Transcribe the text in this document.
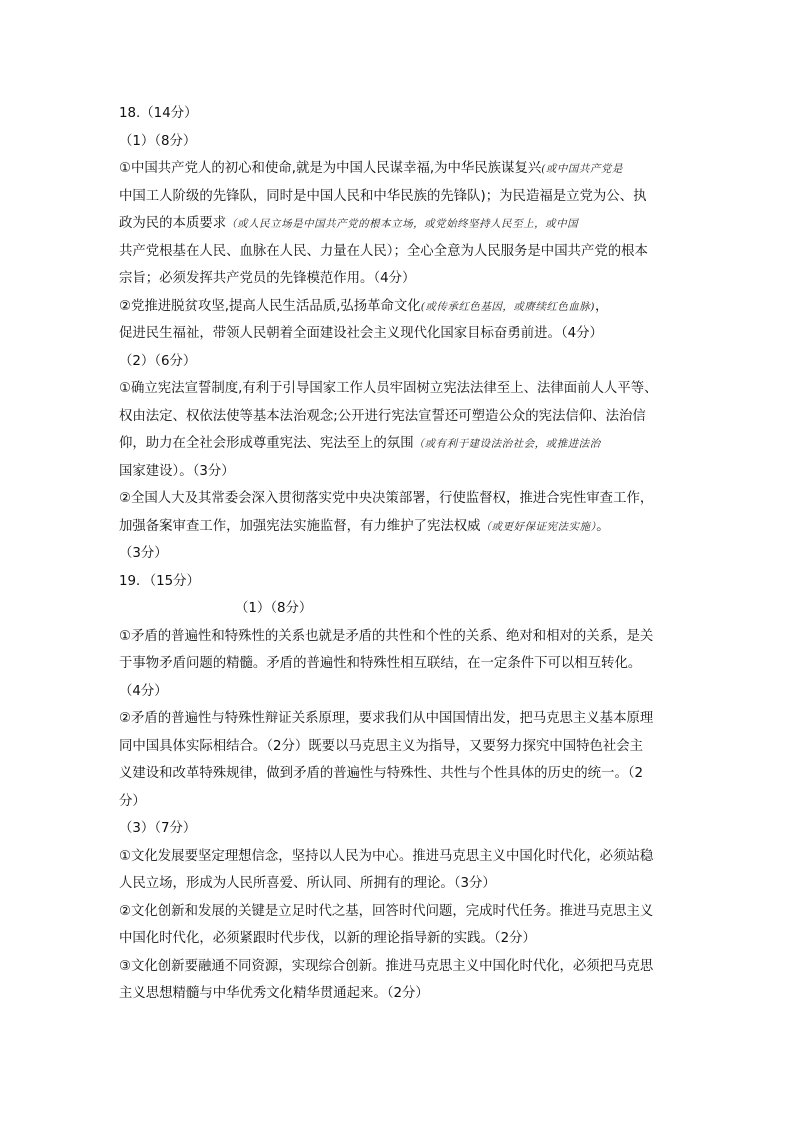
18.（14分）
（1）（8分）
①中国共产党人的初心和使命,就是为中国人民谋幸福,为中华民族谋复兴(或中国共产党是
中国工人阶级的先锋队，同时是中国人民和中华民族的先锋队)；为民造福是立党为公、执
政为民的本质要求（或人民立场是中国共产党的根本立场，或党始终坚持人民至上，或中国
共产党根基在人民、血脉在人民、力量在人民）；全心全意为人民服务是中国共产党的根本
宗旨；必须发挥共产党员的先锋模范作用。（4分）
②党推进脱贫攻坚,提高人民生活品质,弘扬革命文化(或传承红色基因，或赓续红色血脉)，
促进民生福祉，带领人民朝着全面建设社会主义现代化国家目标奋勇前进。（4分）
（2）（6分）
①确立宪法宣誓制度,有利于引导国家工作人员牢固树立宪法法律至上、法律面前人人平等、
权由法定、权依法使等基本法治观念;公开进行宪法宣誓还可塑造公众的宪法信仰、法治信
仰，助力在全社会形成尊重宪法、宪法至上的氛围（或有利于建设法治社会，或推进法治
国家建设）。（3分）
②全国人大及其常委会深入贯彻落实党中央决策部署，行使监督权，推进合宪性审查工作，
加强备案审查工作，加强宪法实施监督，有力维护了宪法权威（或更好保证宪法实施）。
（3分）
19．（15分）
（1）（8分）
①矛盾的普遍性和特殊性的关系也就是矛盾的共性和个性的关系、绝对和相对的关系，是关
于事物矛盾问题的精髓。矛盾的普遍性和特殊性相互联结，在一定条件下可以相互转化。
（4分）
②矛盾的普遍性与特殊性辩证关系原理，要求我们从中国国情出发，把马克思主义基本原理
同中国具体实际相结合。（2分）既要以马克思主义为指导，又要努力探究中国特色社会主
义建设和改革特殊规律，做到矛盾的普遍性与特殊性、共性与个性具体的历史的统一。（2
分）
（3）（7分）
①文化发展要坚定理想信念，坚持以人民为中心。推进马克思主义中国化时代化，必须站稳
人民立场，形成为人民所喜爱、所认同、所拥有的理论。（3分）
②文化创新和发展的关键是立足时代之基，回答时代问题，完成时代任务。推进马克思主义
中国化时代化，必须紧跟时代步伐，以新的理论指导新的实践。（2分）
③文化创新要融通不同资源，实现综合创新。推进马克思主义中国化时代化，必须把马克思
主义思想精髓与中华优秀文化精华贯通起来。（2分）
